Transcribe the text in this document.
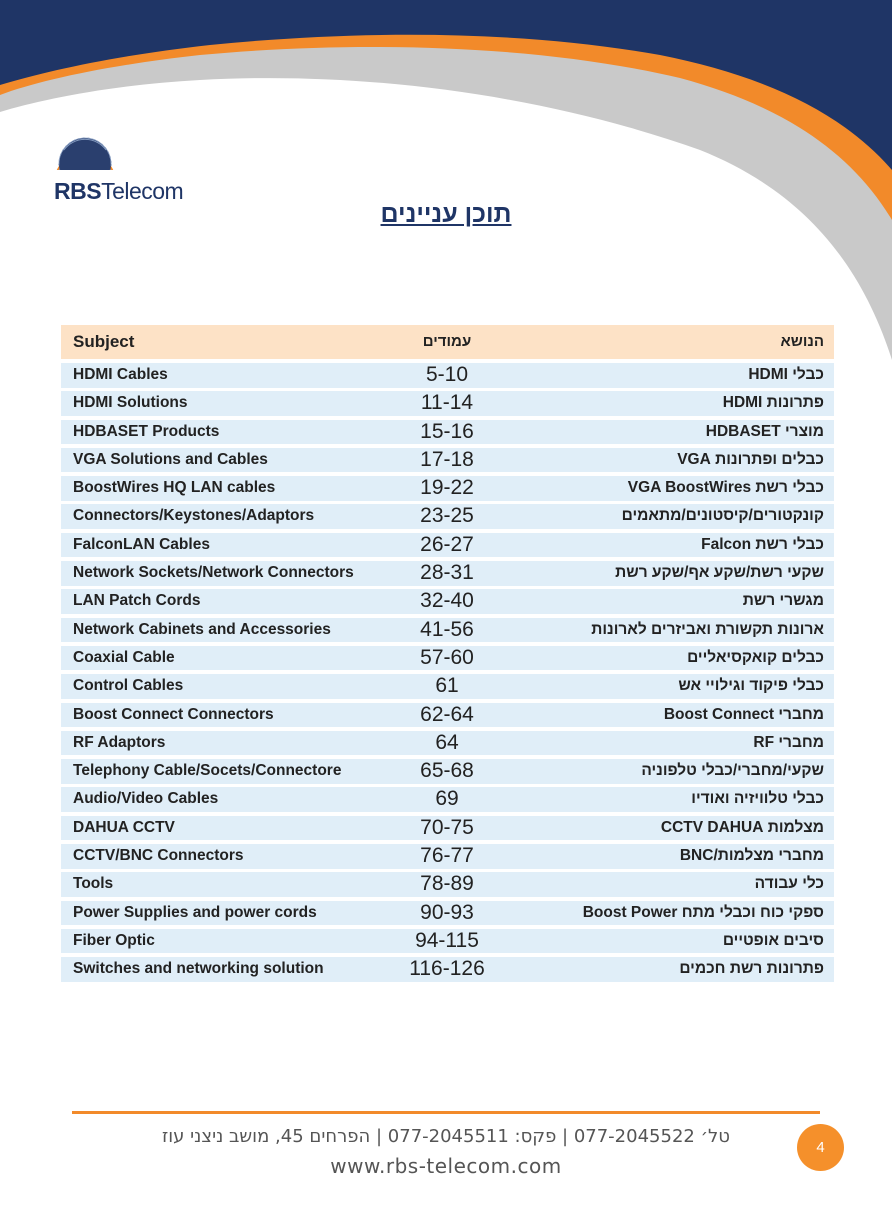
RBSTelecom
תוכן עניינים
Subject	עמודים	הנושא
HDMI Cables	5-10	כבלי HDMI
HDMI Solutions	11-14	פתרונות HDMI
HDBASET Products	15-16	מוצרי HDBASET
VGA Solutions and Cables	17-18	כבלים ופתרונות VGA
BoostWires HQ LAN cables	19-22	כבלי רשת VGA BoostWires
Connectors/Keystones/Adaptors	23-25	קונקטורים/קיסטונים/מתאמים
FalconLAN Cables	26-27	כבלי רשת Falcon
Network Sockets/Network Connectors	28-31	שקעי רשת/שקע אף/שקע רשת
LAN Patch Cords	32-40	מגשרי רשת
Network Cabinets and Accessories	41-56	ארונות תקשורת ואביזרים לארונות
Coaxial Cable	57-60	כבלים קואקסיאליים
Control Cables	61	כבלי פיקוד וגילויי אש
Boost Connect Connectors	62-64	מחברי Boost Connect
RF Adaptors	64	מחברי RF
Telephony Cable/Socets/Connectore	65-68	שקעי/מחברי/כבלי טלפוניה
Audio/Video Cables	69	כבלי טלוויזיה ואודיו
DAHUA CCTV	70-75	מצלמות CCTV DAHUA
CCTV/BNC Connectors	76-77	מחברי מצלמות/BNC
Tools	78-89	כלי עבודה
Power Supplies and power cords	90-93	ספקי כוח וכבלי מתח Boost Power
Fiber Optic	94-115	סיבים אופטיים
Switches and networking solution	116-126	פתרונות רשת חכמים
טל׳ 077-2045522 | פקס: 077-2045511 | הפרחים 45, מושב ניצני עוז
www.rbs-telecom.com
4
